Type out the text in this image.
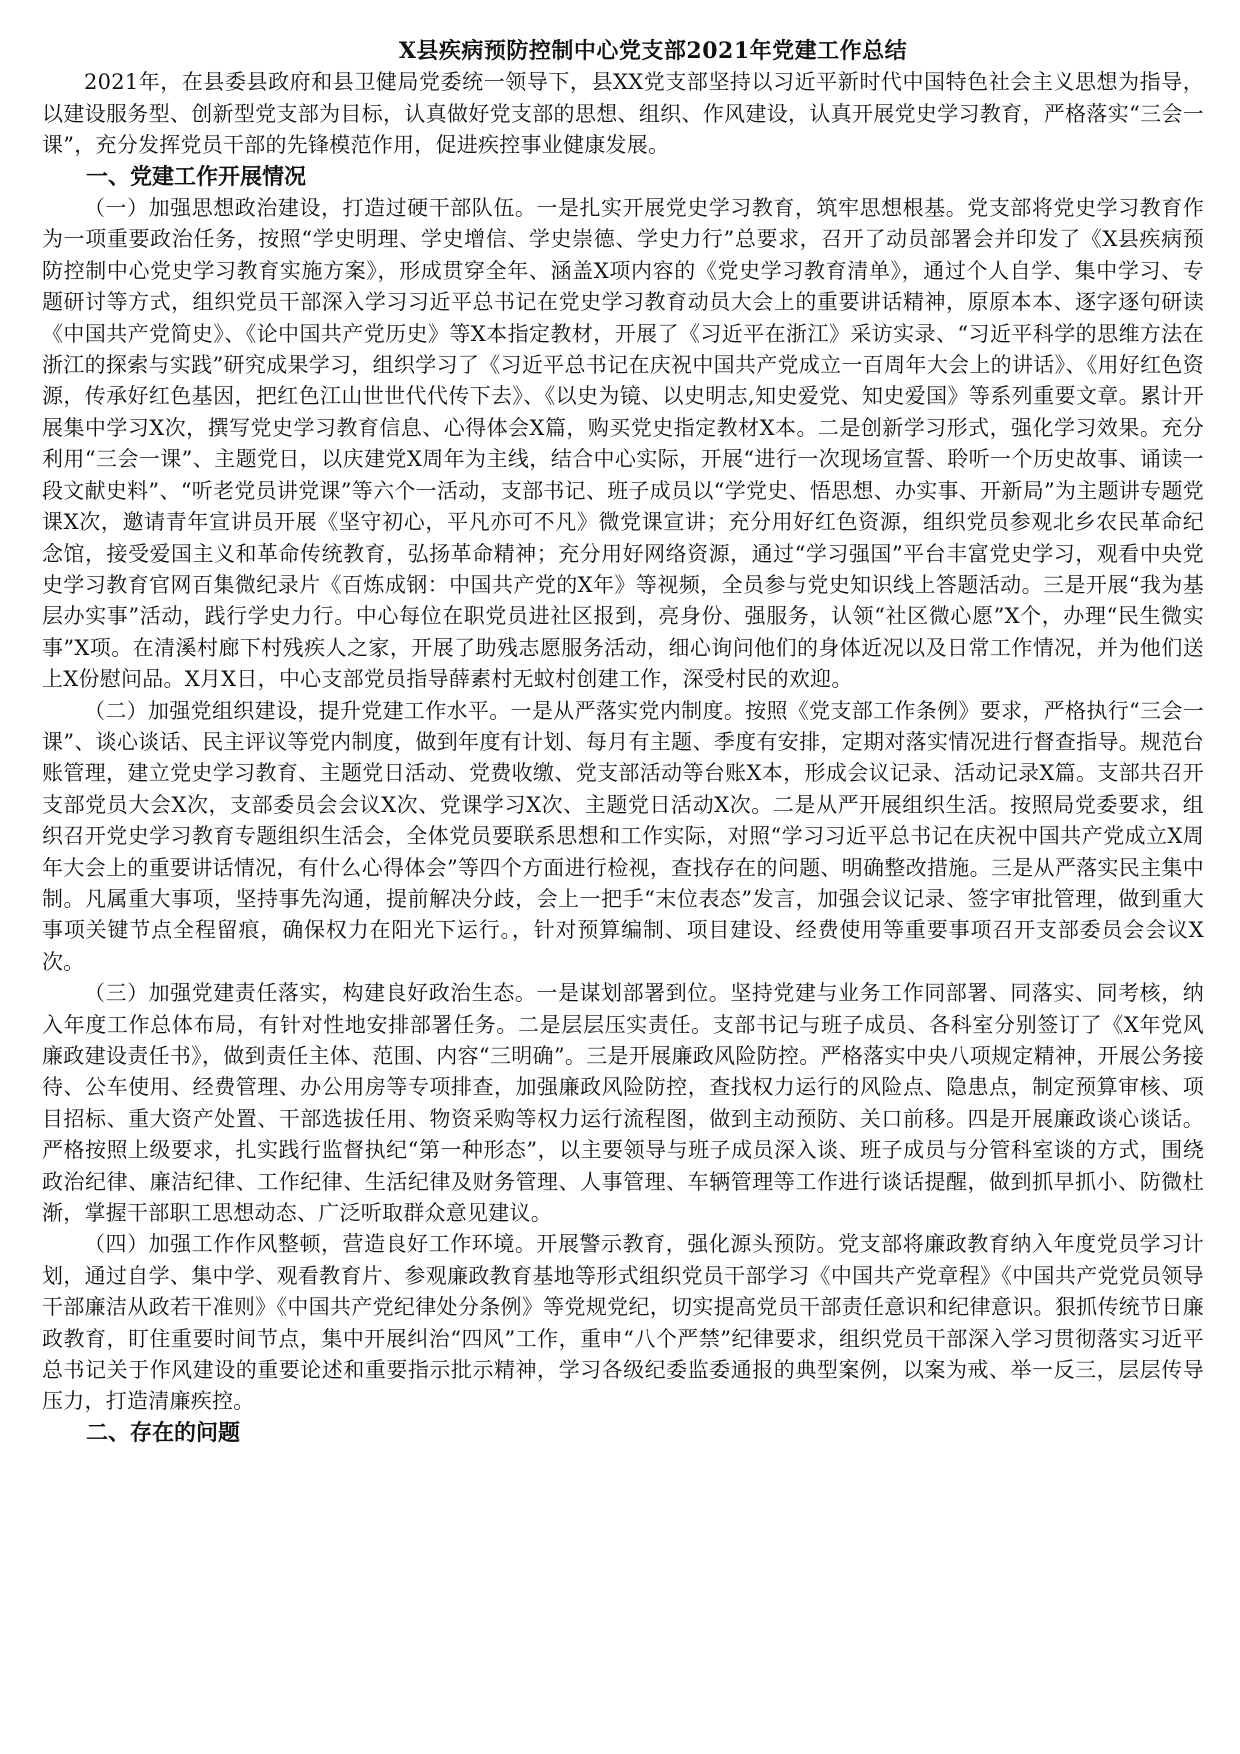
X县疾病预防控制中心党支部2021年党建工作总结

2021年，在县委县政府和县卫健局党委统一领导下，县XX党支部坚持以习近平新时代中国特色社会主义思想为指导，以建设服务型、创新型党支部为目标，认真做好党支部的思想、组织、作风建设，认真开展党史学习教育，严格落实“三会一课”，充分发挥党员干部的先锋模范作用，促进疾控事业健康发展。

一、党建工作开展情况

（一）加强思想政治建设，打造过硬干部队伍。一是扎实开展党史学习教育，筑牢思想根基。党支部将党史学习教育作为一项重要政治任务，按照“学史明理、学史增信、学史崇德、学史力行”总要求，召开了动员部署会并印发了《X县疾病预防控制中心党史学习教育实施方案》，形成贯穿全年、涵盖X项内容的《党史学习教育清单》，通过个人自学、集中学习、专题研讨等方式，组织党员干部深入学习习近平总书记在党史学习教育动员大会上的重要讲话精神，原原本本、逐字逐句研读《中国共产党简史》、《论中国共产党历史》等X本指定教材，开展了《习近平在浙江》采访实录、“习近平科学的思维方法在浙江的探索与实践”研究成果学习，组织学习了《习近平总书记在庆祝中国共产党成立一百周年大会上的讲话》、《用好红色资源，传承好红色基因，把红色江山世世代代传下去》、《以史为镜、以史明志,知史爱党、知史爱国》等系列重要文章。累计开展集中学习X次，撰写党史学习教育信息、心得体会X篇，购买党史指定教材X本。二是创新学习形式，强化学习效果。充分利用“三会一课”、主题党日，以庆建党X周年为主线，结合中心实际，开展“进行一次现场宣誓、聆听一个历史故事、诵读一段文献史料”、“听老党员讲党课”等六个一活动，支部书记、班子成员以“学党史、悟思想、办实事、开新局”为主题讲专题党课X次，邀请青年宣讲员开展《坚守初心，平凡亦可不凡》微党课宣讲；充分用好红色资源，组织党员参观北乡农民革命纪念馆，接受爱国主义和革命传统教育，弘扬革命精神；充分用好网络资源，通过“学习强国”平台丰富党史学习，观看中央党史学习教育官网百集微纪录片《百炼成钢：中国共产党的X年》等视频，全员参与党史知识线上答题活动。三是开展“我为基层办实事”活动，践行学史力行。中心每位在职党员进社区报到，亮身份、强服务，认领“社区微心愿”X个，办理“民生微实事”X项。在清溪村廊下村残疾人之家，开展了助残志愿服务活动，细心询问他们的身体近况以及日常工作情况，并为他们送上X份慰问品。X月X日，中心支部党员指导薛素村无蚊村创建工作，深受村民的欢迎。

（二）加强党组织建设，提升党建工作水平。一是从严落实党内制度。按照《党支部工作条例》要求，严格执行“三会一课”、谈心谈话、民主评议等党内制度，做到年度有计划、每月有主题、季度有安排，定期对落实情况进行督查指导。规范台账管理，建立党史学习教育、主题党日活动、党费收缴、党支部活动等台账X本，形成会议记录、活动记录X篇。支部共召开支部党员大会X次，支部委员会会议X次、党课学习X次、主题党日活动X次。二是从严开展组织生活。按照局党委要求，组织召开党史学习教育专题组织生活会，全体党员要联系思想和工作实际，对照“学习习近平总书记在庆祝中国共产党成立X周年大会上的重要讲话情况，有什么心得体会”等四个方面进行检视，查找存在的问题、明确整改措施。三是从严落实民主集中制。凡属重大事项，坚持事先沟通，提前解决分歧，会上一把手“末位表态”发言，加强会议记录、签字审批管理，做到重大事项关键节点全程留痕，确保权力在阳光下运行。，针对预算编制、项目建设、经费使用等重要事项召开支部委员会会议X次。

（三）加强党建责任落实，构建良好政治生态。一是谋划部署到位。坚持党建与业务工作同部署、同落实、同考核，纳入年度工作总体布局，有针对性地安排部署任务。二是层层压实责任。支部书记与班子成员、各科室分别签订了《X年党风廉政建设责任书》，做到责任主体、范围、内容“三明确”。三是开展廉政风险防控。严格落实中央八项规定精神，开展公务接待、公车使用、经费管理、办公用房等专项排查，加强廉政风险防控，查找权力运行的风险点、隐患点，制定预算审核、项目招标、重大资产处置、干部选拔任用、物资采购等权力运行流程图，做到主动预防、关口前移。四是开展廉政谈心谈话。严格按照上级要求，扎实践行监督执纪“第一种形态”，以主要领导与班子成员深入谈、班子成员与分管科室谈的方式，围绕政治纪律、廉洁纪律、工作纪律、生活纪律及财务管理、人事管理、车辆管理等工作进行谈话提醒，做到抓早抓小、防微杜渐，掌握干部职工思想动态、广泛听取群众意见建议。

（四）加强工作作风整顿，营造良好工作环境。开展警示教育，强化源头预防。党支部将廉政教育纳入年度党员学习计划，通过自学、集中学、观看教育片、参观廉政教育基地等形式组织党员干部学习《中国共产党章程》《中国共产党党员领导干部廉洁从政若干准则》《中国共产党纪律处分条例》等党规党纪，切实提高党员干部责任意识和纪律意识。狠抓传统节日廉政教育，盯住重要时间节点，集中开展纠治“四风”工作，重申“八个严禁”纪律要求，组织党员干部深入学习贯彻落实习近平总书记关于作风建设的重要论述和重要指示批示精神，学习各级纪委监委通报的典型案例，以案为戒、举一反三，层层传导压力，打造清廉疾控。

二、存在的问题
